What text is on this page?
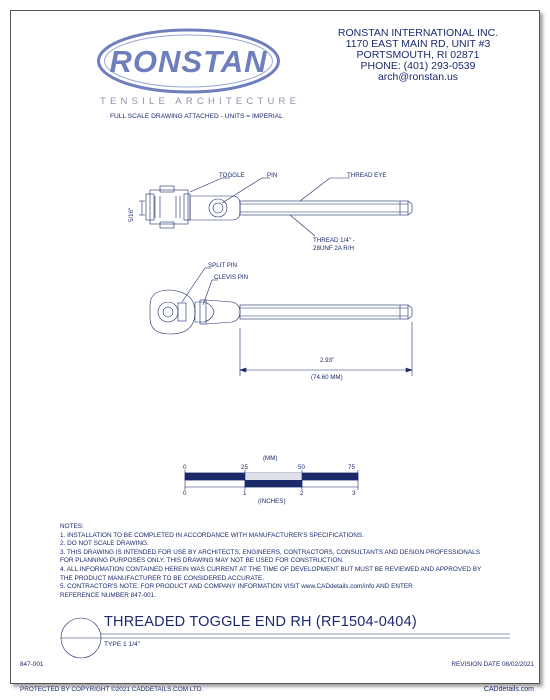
RONSTAN
TENSILE ARCHITECTURE
FULL SCALE DRAWING ATTACHED - UNITS = IMPERIAL
RONSTAN INTERNATIONAL INC.
1170 EAST MAIN RD, UNIT #3
PORTSMOUTH, RI 02871
PHONE: (401) 293-0539
arch@ronstan.us
TOGGLE	PIN	THREAD EYE
THREAD 1/4" -
28UNF 2A R/H
5/16"
SPLIT PIN
CLEVIS PIN
2.93"
(74.60 MM)
(MM)
0	25	50	75
0	1	2	3
(INCHES)
NOTES:
1. INSTALLATION TO BE COMPLETED IN ACCORDANCE WITH MANUFACTURER'S SPECIFICATIONS.
2. DO NOT SCALE DRAWING.
3. THIS DRAWING IS INTENDED FOR USE BY ARCHITECTS, ENGINEERS, CONTRACTORS, CONSULTANTS AND DESIGN PROFESSIONALS
FOR PLANNING PURPOSES ONLY. THIS DRAWING MAY NOT BE USED FOR CONSTRUCTION.
4. ALL INFORMATION CONTAINED HEREIN WAS CURRENT AT THE TIME OF DEVELOPMENT BUT MUST BE REVIEWED AND APPROVED BY
THE PRODUCT MANUFACTURER TO BE CONSIDERED ACCURATE.
5. CONTRACTOR'S NOTE: FOR PRODUCT AND COMPANY INFORMATION VISIT www.CADdetails.com/info AND ENTER
REFERENCE NUMBER 847-001.
THREADED TOGGLE END RH (RF1504-0404)
TYPE 1 1/4"
847-001	REVISION DATE 08/02/2021
PROTECTED BY COPYRIGHT ©2021 CADDETAILS.COM LTD.	CADdetails.com
